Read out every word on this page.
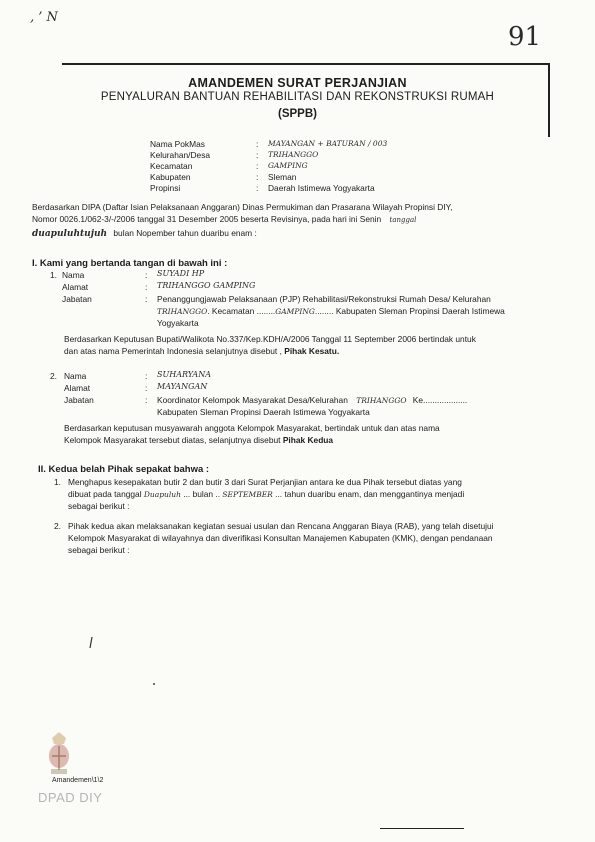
‚ ’ N
91
AMANDEMEN SURAT PERJANJIAN
PENYALURAN BANTUAN REHABILITASI DAN REKONSTRUKSI RUMAH
(SPPB)
Nama PokMas	: MAYANGAN + BATURAN / 003
Kelurahan/Desa	: TRIHANGGO
Kecamatan	: GAMPING
Kabupaten	: Sleman
Propinsi	: Daerah Istimewa Yogyakarta
Berdasarkan DIPA (Daftar Isian Pelaksanaan Anggaran) Dinas Permukiman dan Prasarana Wilayah Propinsi DIY,
Nomor 0026.1/062-3/-/2006 tanggal 31 Desember 2005 beserta Revisinya, pada hari ini Senin tanggal
duapuluhtujuh bulan Nopember tahun duaribu enam :
I. Kami yang bertanda tangan di bawah ini :
1. Nama	: SUYADI HP
Alamat	: TRIHANGGO GAMPING
Jabatan	: Penanggungjawab Pelaksanaan (PJP) Rehabilitasi/Rekonstruksi Rumah Desa/ Kelurahan
TRIHANGGO. Kecamatan ........GAMPING........ Kabupaten Sleman Propinsi Daerah Istimewa
Yogyakarta
Berdasarkan Keputusan Bupati/Walikota No.337/Kep.KDH/A/2006 Tanggal 11 September 2006 bertindak untuk
dan atas nama Pemerintah Indonesia selanjutnya disebut , Pihak Kesatu.
2. Nama	: SUHARYANA
Alamat	: MAYANGAN
Jabatan	: Koordinator Kelompok Masyarakat Desa/Kelurahan TRIHANGGO Ke...................
Kabupaten Sleman Propinsi Daerah Istimewa Yogyakarta
Berdasarkan keputusan musyawarah anggota Kelompok Masyarakat, bertindak untuk dan atas nama
Kelompok Masyarakat tersebut diatas, selanjutnya disebut Pihak Kedua
II. Kedua belah Pihak sepakat bahwa :
1. Menghapus kesepakatan butir 2 dan butir 3 dari Surat Perjanjian antara ke dua Pihak tersebut diatas yang
dibuat pada tanggal Duapuluh ... bulan .. SEPTEMBER ... tahun duaribu enam, dan menggantinya menjadi
sebagai berikut :
2. Pihak kedua akan melaksanakan kegiatan sesuai usulan dan Rencana Anggaran Biaya (RAB), yang telah disetujui
Kelompok Masyarakat di wilayahnya dan diverifikasi Konsultan Manajemen Kabupaten (KMK), dengan pendanaan
sebagai berikut :
Amandemen\1\2
DPAD DIY
